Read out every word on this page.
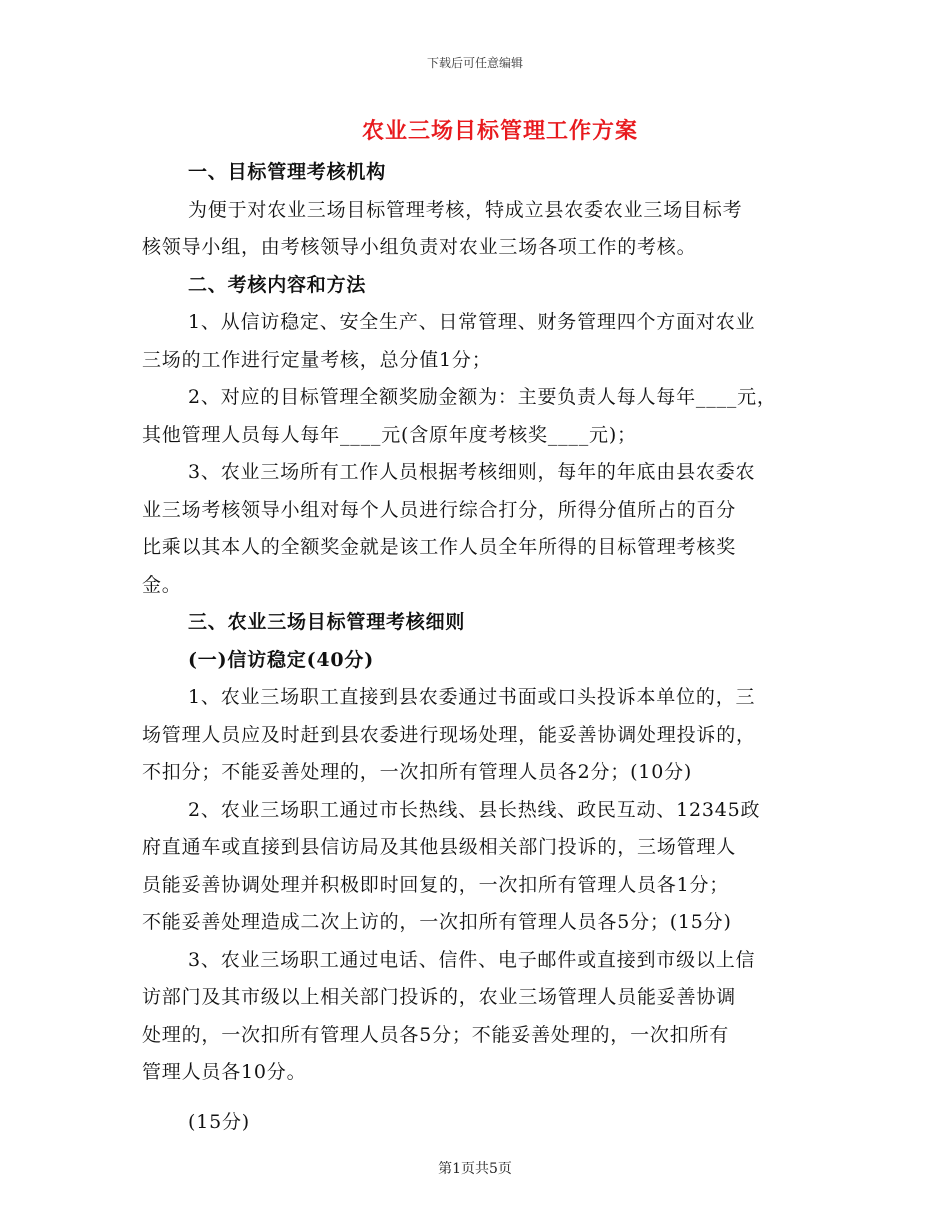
下载后可任意编辑
农业三场目标管理工作方案
一、目标管理考核机构
为便于对农业三场目标管理考核，特成立县农委农业三场目标考
核领导小组，由考核领导小组负责对农业三场各项工作的考核。
二、考核内容和方法
1、从信访稳定、安全生产、日常管理、财务管理四个方面对农业
三场的工作进行定量考核，总分值1分；
2、对应的目标管理全额奖励金额为：主要负责人每人每年____元，
其他管理人员每人每年____元(含原年度考核奖____元)；
3、农业三场所有工作人员根据考核细则，每年的年底由县农委农
业三场考核领导小组对每个人员进行综合打分，所得分值所占的百分
比乘以其本人的全额奖金就是该工作人员全年所得的目标管理考核奖
金。
三、农业三场目标管理考核细则
(一)信访稳定(40分)
1、农业三场职工直接到县农委通过书面或口头投诉本单位的，三
场管理人员应及时赶到县农委进行现场处理，能妥善协调处理投诉的，
不扣分；不能妥善处理的，一次扣所有管理人员各2分；(10分)
2、农业三场职工通过市长热线、县长热线、政民互动、12345政
府直通车或直接到县信访局及其他县级相关部门投诉的，三场管理人
员能妥善协调处理并积极即时回复的，一次扣所有管理人员各1分；
不能妥善处理造成二次上访的，一次扣所有管理人员各5分；(15分)
3、农业三场职工通过电话、信件、电子邮件或直接到市级以上信
访部门及其市级以上相关部门投诉的，农业三场管理人员能妥善协调
处理的，一次扣所有管理人员各5分；不能妥善处理的，一次扣所有
管理人员各10分。
(15分)
第1页共5页
